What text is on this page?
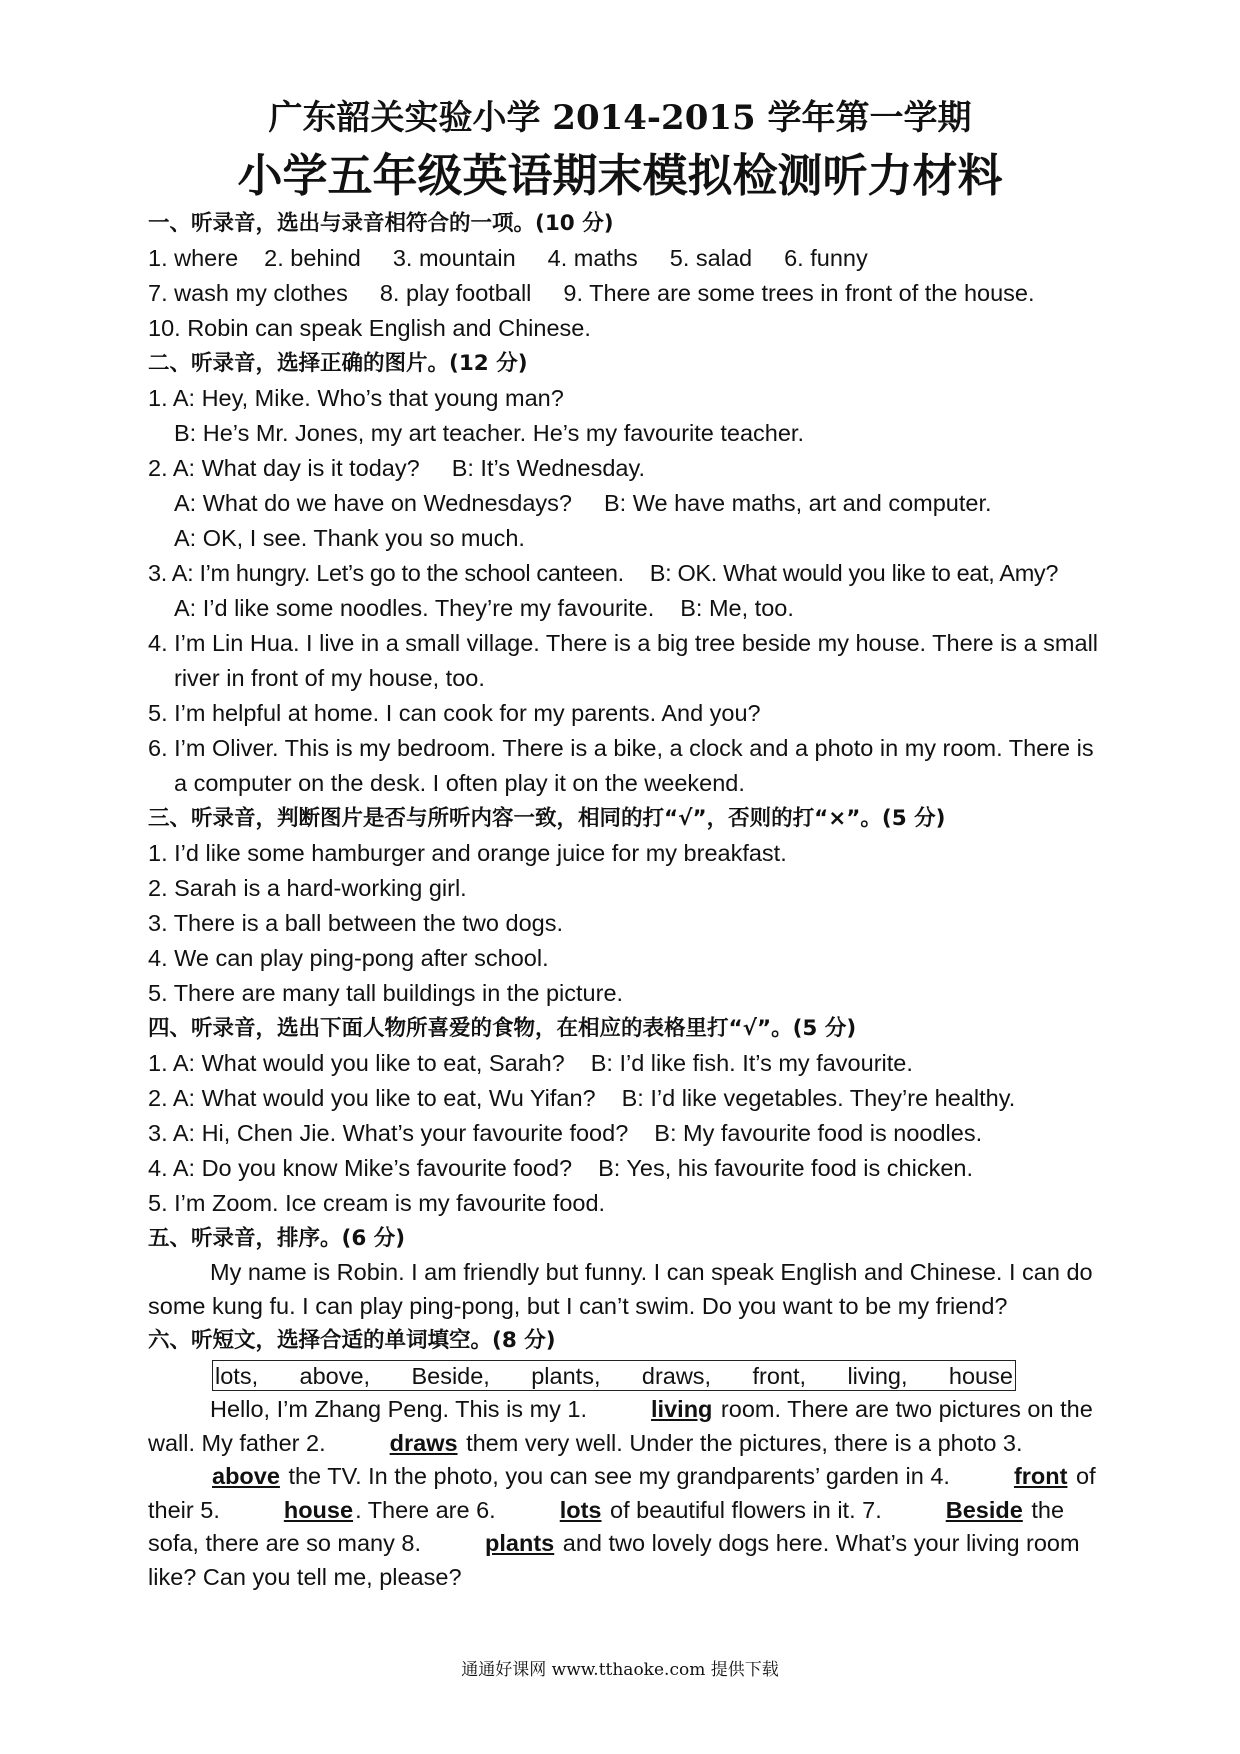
广东韶关实验小学 2014-2015 学年第一学期
小学五年级英语期末模拟检测听力材料
一、听录音，选出与录音相符合的一项。(10 分)
1. where 2. behind 3. mountain 4. maths 5. salad 6. funny
7. wash my clothes 8. play football 9. There are some trees in front of the house.
10. Robin can speak English and Chinese.
二、听录音，选择正确的图片。(12 分)
1. A: Hey, Mike. Who’s that young man?
B: He’s Mr. Jones, my art teacher. He’s my favourite teacher.
2. A: What day is it today? B: It’s Wednesday.
A: What do we have on Wednesdays? B: We have maths, art and computer.
A: OK, I see. Thank you so much.
3. A: I’m hungry. Let’s go to the school canteen. B: OK. What would you like to eat, Amy?
A: I’d like some noodles. They’re my favourite. B: Me, too.
4. I’m Lin Hua. I live in a small village. There is a big tree beside my house. There is a small river in front of my house, too.
5. I’m helpful at home. I can cook for my parents. And you?
6. I’m Oliver. This is my bedroom. There is a bike, a clock and a photo in my room. There is a computer on the desk. I often play it on the weekend.
三、听录音，判断图片是否与所听内容一致，相同的打“√”，否则的打“×”。(5 分)
1. I’d like some hamburger and orange juice for my breakfast.
2. Sarah is a hard-working girl.
3. There is a ball between the two dogs.
4. We can play ping-pong after school.
5. There are many tall buildings in the picture.
四、听录音，选出下面人物所喜爱的食物，在相应的表格里打“√”。(5 分)
1. A: What would you like to eat, Sarah? B: I’d like fish. It’s my favourite.
2. A: What would you like to eat, Wu Yifan? B: I’d like vegetables. They’re healthy.
3. A: Hi, Chen Jie. What’s your favourite food? B: My favourite food is noodles.
4. A: Do you know Mike’s favourite food? B: Yes, his favourite food is chicken.
5. I’m Zoom. Ice cream is my favourite food.
五、听录音，排序。(6 分)

My name is Robin. I am friendly but funny. I can speak English and Chinese. I can do some kung fu. I can play ping-pong, but I can’t swim. Do you want to be my friend?

六、听短文，选择合适的单词填空。(8 分)
lots, above, Beside, plants, draws, front, living, house

Hello, I’m Zhang Peng. This is my 1.	living room. There are two pictures on the wall. My father 2.	draws them very well. Under the pictures, there is a photo 3.above the TV. In the photo, you can see my grandparents’ garden in 4.	front of their 5.	house. There are 6.	lots of beautiful flowers in it. 7.	Beside the sofa, there are so many 8.	plants and two lovely dogs here. What’s your living room like? Can you tell me, please?

通通好课网 www.tthaoke.com 提供下载
